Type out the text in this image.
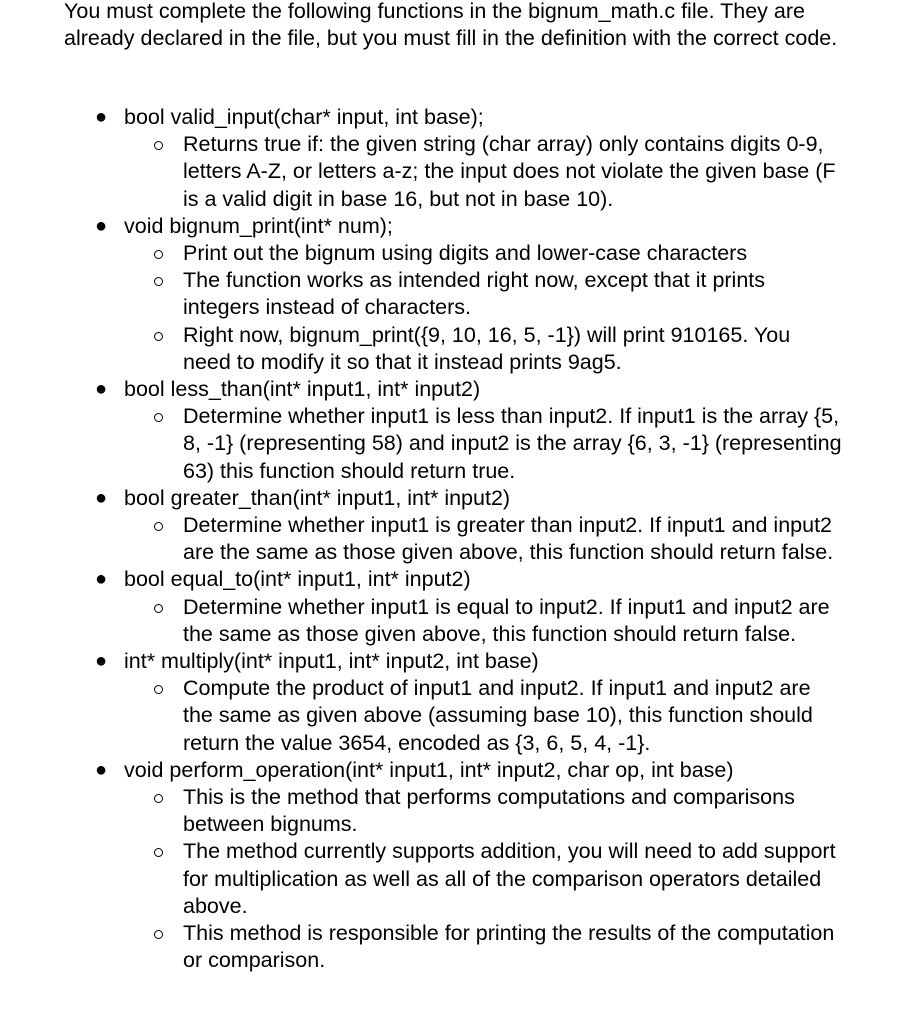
You must complete the following functions in the bignum_math.c file. They are already declared in the file, but you must fill in the definition with the correct code.

● bool valid_input(char* input, int base);
Returns true if: the given string (char array) only contains digits 0-9, letters A-Z, or letters a-z; the input does not violate the given base (F is a valid digit in base 16, but not in base 10).
● void bignum_print(int* num);
Print out the bignum using digits and lower-case characters
The function works as intended right now, except that it prints integers instead of characters.
Right now, bignum_print({9, 10, 16, 5, -1}) will print 910165. You need to modify it so that it instead prints 9ag5.
● bool less_than(int* input1, int* input2)
Determine whether input1 is less than input2. If input1 is the array {5, 8, -1} (representing 58) and input2 is the array {6, 3, -1} (representing 63) this function should return true.
● bool greater_than(int* input1, int* input2)
Determine whether input1 is greater than input2. If input1 and input2 are the same as those given above, this function should return false.
● bool equal_to(int* input1, int* input2)
Determine whether input1 is equal to input2. If input1 and input2 are the same as those given above, this function should return false.
● int* multiply(int* input1, int* input2, int base)
Compute the product of input1 and input2. If input1 and input2 are the same as given above (assuming base 10), this function should return the value 3654, encoded as {3, 6, 5, 4, -1}.
● void perform_operation(int* input1, int* input2, char op, int base)
This is the method that performs computations and comparisons between bignums.
The method currently supports addition, you will need to add support for multiplication as well as all of the comparison operators detailed above.
This method is responsible for printing the results of the computation or comparison.
